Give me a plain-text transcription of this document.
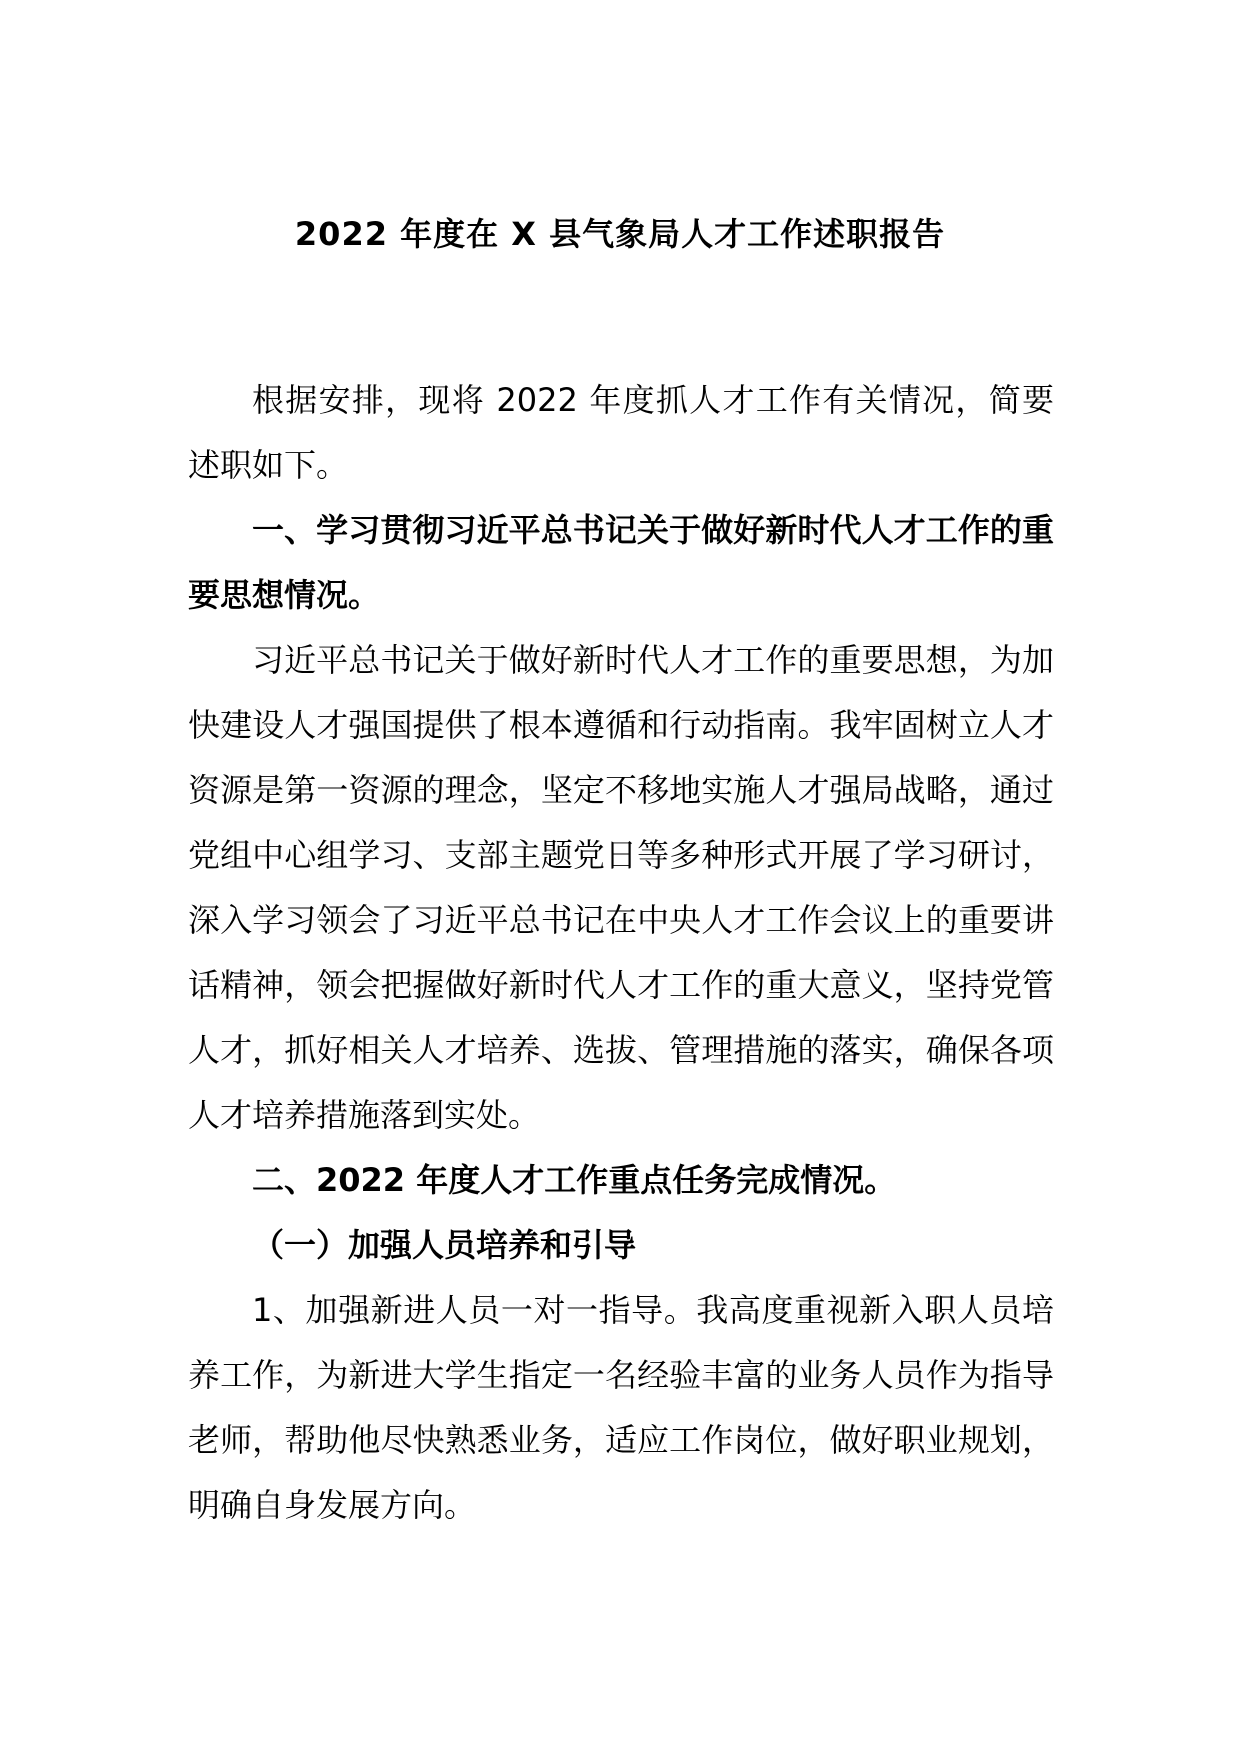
2022 年度在 X 县气象局人才工作述职报告

根据安排，现将 2022 年度抓人才工作有关情况，简要述职如下。

一、学习贯彻习近平总书记关于做好新时代人才工作的重要思想情况。

习近平总书记关于做好新时代人才工作的重要思想，为加快建设人才强国提供了根本遵循和行动指南。我牢固树立人才资源是第一资源的理念，坚定不移地实施人才强局战略，通过党组中心组学习、支部主题党日等多种形式开展了学习研讨，深入学习领会了习近平总书记在中央人才工作会议上的重要讲话精神，领会把握做好新时代人才工作的重大意义，坚持党管人才，抓好相关人才培养、选拔、管理措施的落实，确保各项人才培养措施落到实处。

二、2022 年度人才工作重点任务完成情况。

（一）加强人员培养和引导

1、加强新进人员一对一指导。我高度重视新入职人员培养工作，为新进大学生指定一名经验丰富的业务人员作为指导老师，帮助他尽快熟悉业务，适应工作岗位，做好职业规划，明确自身发展方向。
